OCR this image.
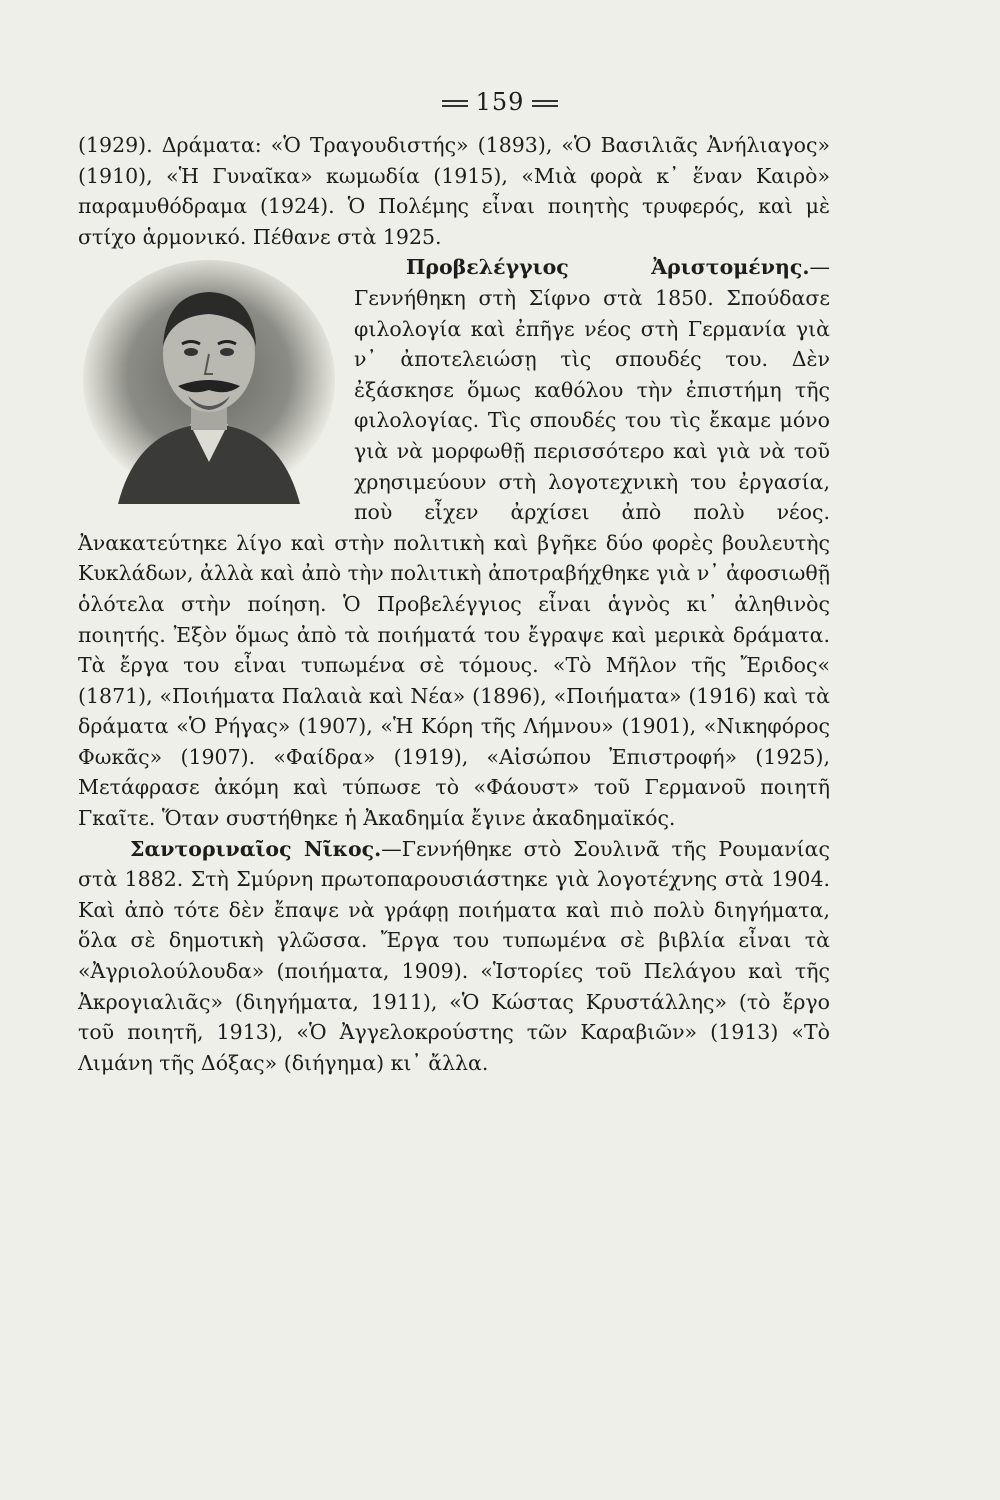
159

(1929). Δράματα: «Ὁ Τραγουδιστής» (1893), «Ὁ Βασιλιᾶς Ἀνήλιαγος» (1910), «Ἡ Γυναῖκα» κωμωδία (1915), «Μιὰ φορὰ κ᾽ ἕναν Καιρὸ» παραμυθόδραμα (1924). Ὁ Πολέμης εἶναι ποιητὴς τρυφερός, καὶ μὲ στίχο ἁρμονικό. Πέθανε στὰ 1925.

Προβελέγγιος Ἀριστομένης.—Γεννήθηκη στὴ Σίφνο στὰ 1850. Σπούδασε φιλολογία καὶ ἐπῆγε νέος στὴ Γερμανία γιὰ ν᾽ ἀποτελειώσῃ τὶς σπουδές του. Δὲν ἐξάσκησε ὅμως καθόλου τὴν ἐπιστήμη τῆς φιλολογίας. Τὶς σπουδές του τὶς ἔκαμε μόνο γιὰ νὰ μορφωθῇ περισσότερο καὶ γιὰ νὰ τοῦ χρησιμεύουν στὴ λογοτεχνικὴ του ἐργασία, ποὺ εἶχεν ἀρχίσει ἀπὸ πολὺ νέος. Ἀνακατεύτηκε λίγο καὶ στὴν πολιτικὴ καὶ βγῆκε δύο φορὲς βουλευτὴς Κυκλάδων, ἀλλὰ καὶ ἀπὸ τὴν πολιτικὴ ἀποτραβήχθηκε γιὰ ν᾽ ἀφοσιωθῇ ὁλότελα στὴν ποίηση. Ὁ Προβελέγγιος εἶναι ἁγνὸς κι᾽ ἀληθινὸς ποιητής. Ἐξὸν ὅμως ἀπὸ τὰ ποιήματά του ἔγραψε καὶ μερικὰ δράματα. Τὰ ἔργα του εἶναι τυπωμένα σὲ τόμους. «Τὸ Μῆλον τῆς Ἔριδος« (1871), «Ποιήματα Παλαιὰ καὶ Νέα» (1896), «Ποιήματα» (1916) καὶ τὰ δράματα «Ὁ Ρήγας» (1907), «Ἡ Κόρη τῆς Λήμνου» (1901), «Νικηφόρος Φωκᾶς» (1907). «Φαίδρα» (1919), «Αἰσώπου Ἐπιστροφή» (1925), Μετάφρασε ἀκόμη καὶ τύπωσε τὸ «Φάουστ» τοῦ Γερμανοῦ ποιητῆ Γκαῖτε. Ὅταν συστήθηκε ἡ Ἀκαδημία ἔγινε ἀκαδημαϊκός.

Σαντοριναῖος Νῖκος.—Γεννήθηκε στὸ Σουλινᾶ τῆς Ρουμανίας στὰ 1882. Στὴ Σμύρνη πρωτοπαρουσιάστηκε γιὰ λογοτέχνης στὰ 1904. Καὶ ἀπὸ τότε δὲν ἔπαψε νὰ γράφῃ ποιήματα καὶ πιὸ πολὺ διηγήματα, ὅλα σὲ δημοτικὴ γλῶσσα. Ἔργα του τυπωμένα σὲ βιβλία εἶναι τὰ «Ἀγριολούλουδα» (ποιήματα, 1909). «Ἱστορίες τοῦ Πελάγου καὶ τῆς Ἀκρογιαλιᾶς» (διηγήματα, 1911), «Ὁ Κώστας Κρυστάλλης» (τὸ ἔργο τοῦ ποιητῆ, 1913), «Ὁ Ἀγγελοκρούστης τῶν Καραβιῶν» (1913) «Τὸ Λιμάνη τῆς Δόξας» (διήγημα) κι᾽ ἄλλα.
